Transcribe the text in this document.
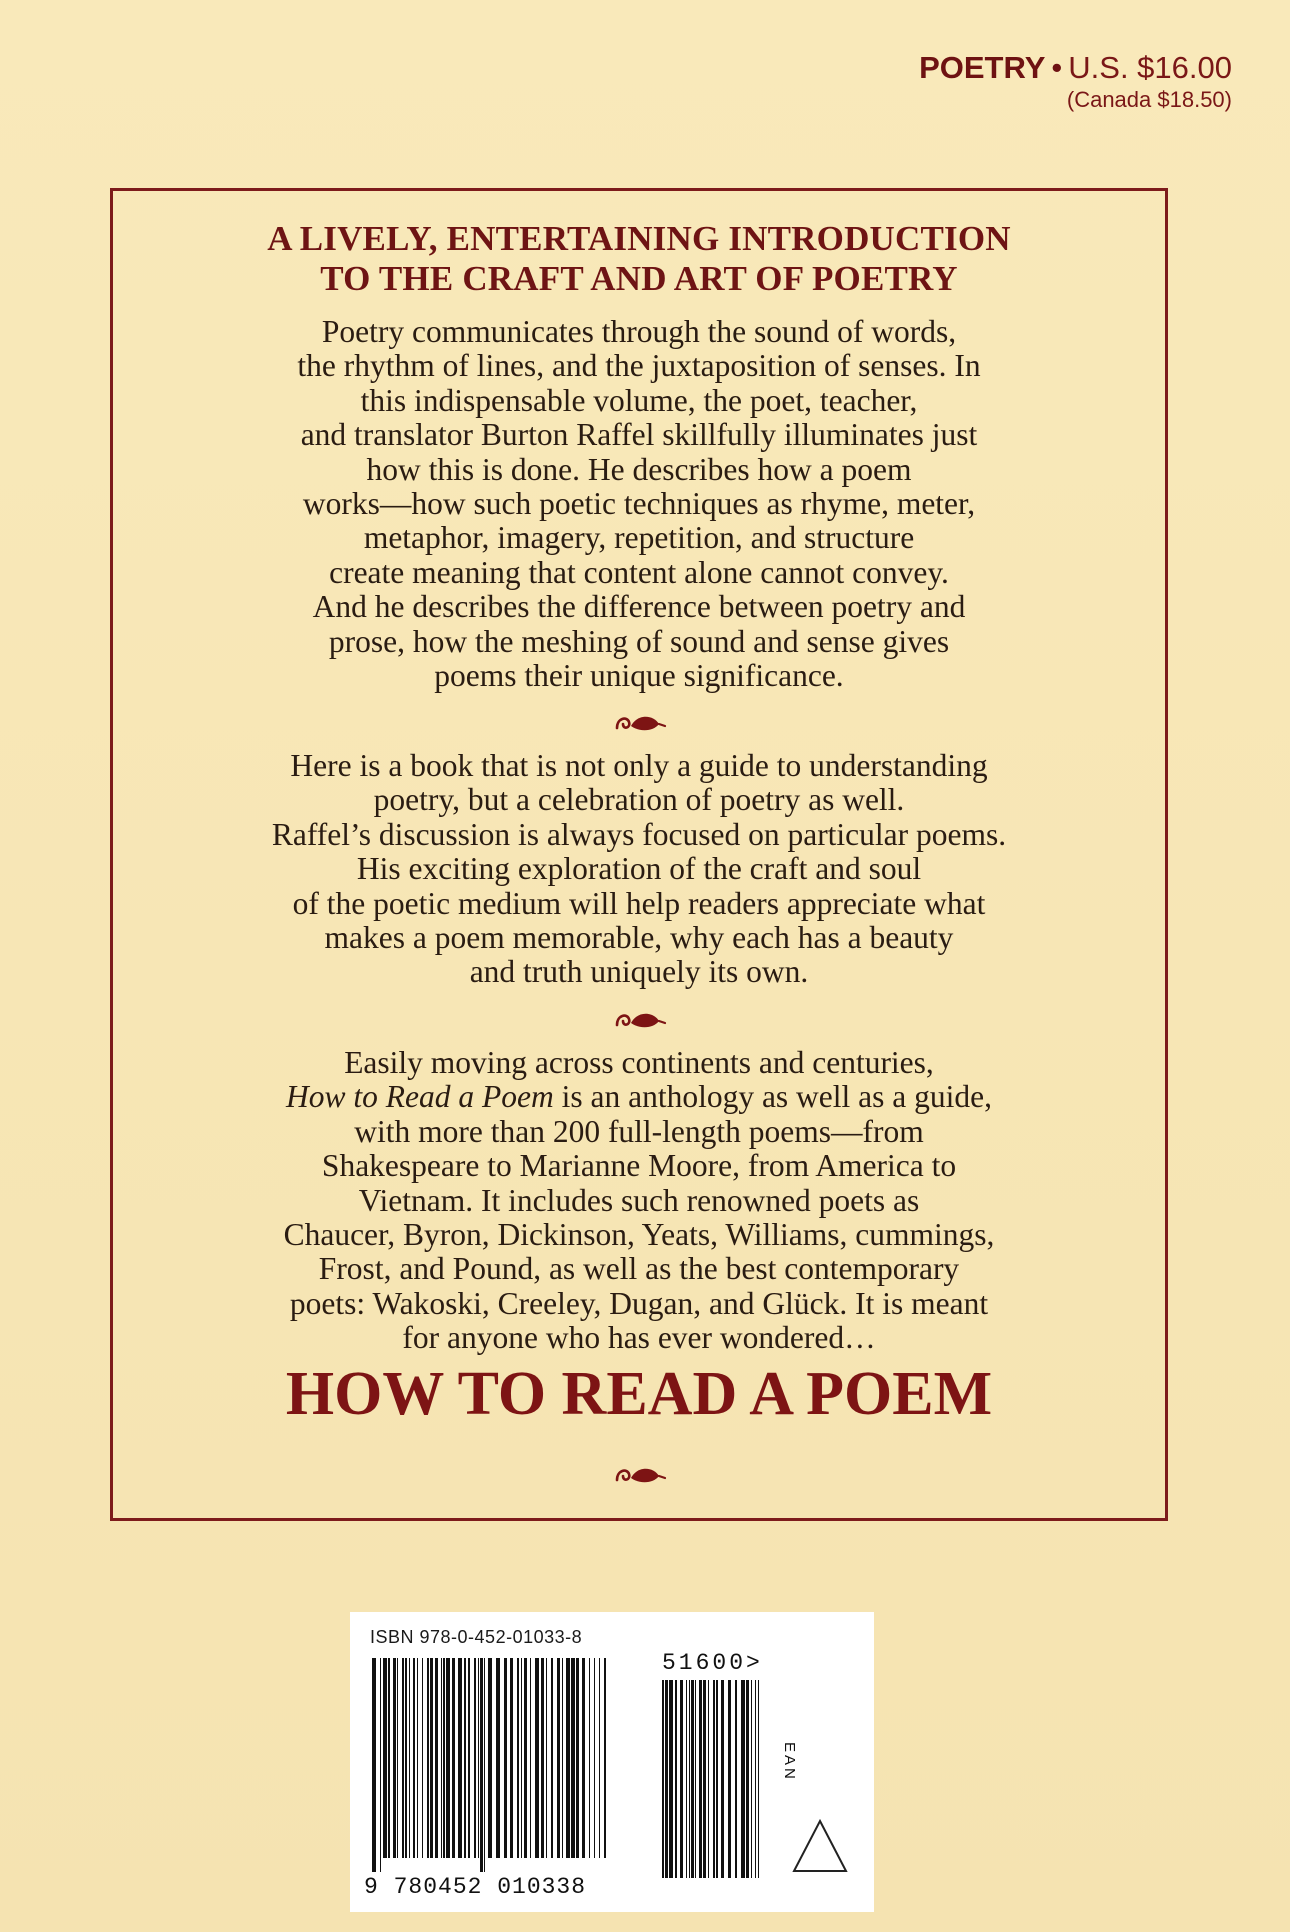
POETRY • U.S. $16.00
(Canada $18.50)
A LIVELY, ENTERTAINING INTRODUCTION
TO THE CRAFT AND ART OF POETRY
Poetry communicates through the sound of words,
the rhythm of lines, and the juxtaposition of senses. In
this indispensable volume, the poet, teacher,
and translator Burton Raffel skillfully illuminates just
how this is done. He describes how a poem
works—how such poetic techniques as rhyme, meter,
metaphor, imagery, repetition, and structure
create meaning that content alone cannot convey.
And he describes the difference between poetry and
prose, how the meshing of sound and sense gives
poems their unique significance.
Here is a book that is not only a guide to understanding
poetry, but a celebration of poetry as well.
Raffel’s discussion is always focused on particular poems.
His exciting exploration of the craft and soul
of the poetic medium will help readers appreciate what
makes a poem memorable, why each has a beauty
and truth uniquely its own.
Easily moving across continents and centuries,
How to Read a Poem is an anthology as well as a guide,
with more than 200 full-length poems—from
Shakespeare to Marianne Moore, from America to
Vietnam. It includes such renowned poets as
Chaucer, Byron, Dickinson, Yeats, Williams, cummings,
Frost, and Pound, as well as the best contemporary
poets: Wakoski, Creeley, Dugan, and Glück. It is meant
for anyone who has ever wondered…
HOW TO READ A POEM
ISBN 978-0-452-01033-8
9 780452 010338
51600>
EAN
